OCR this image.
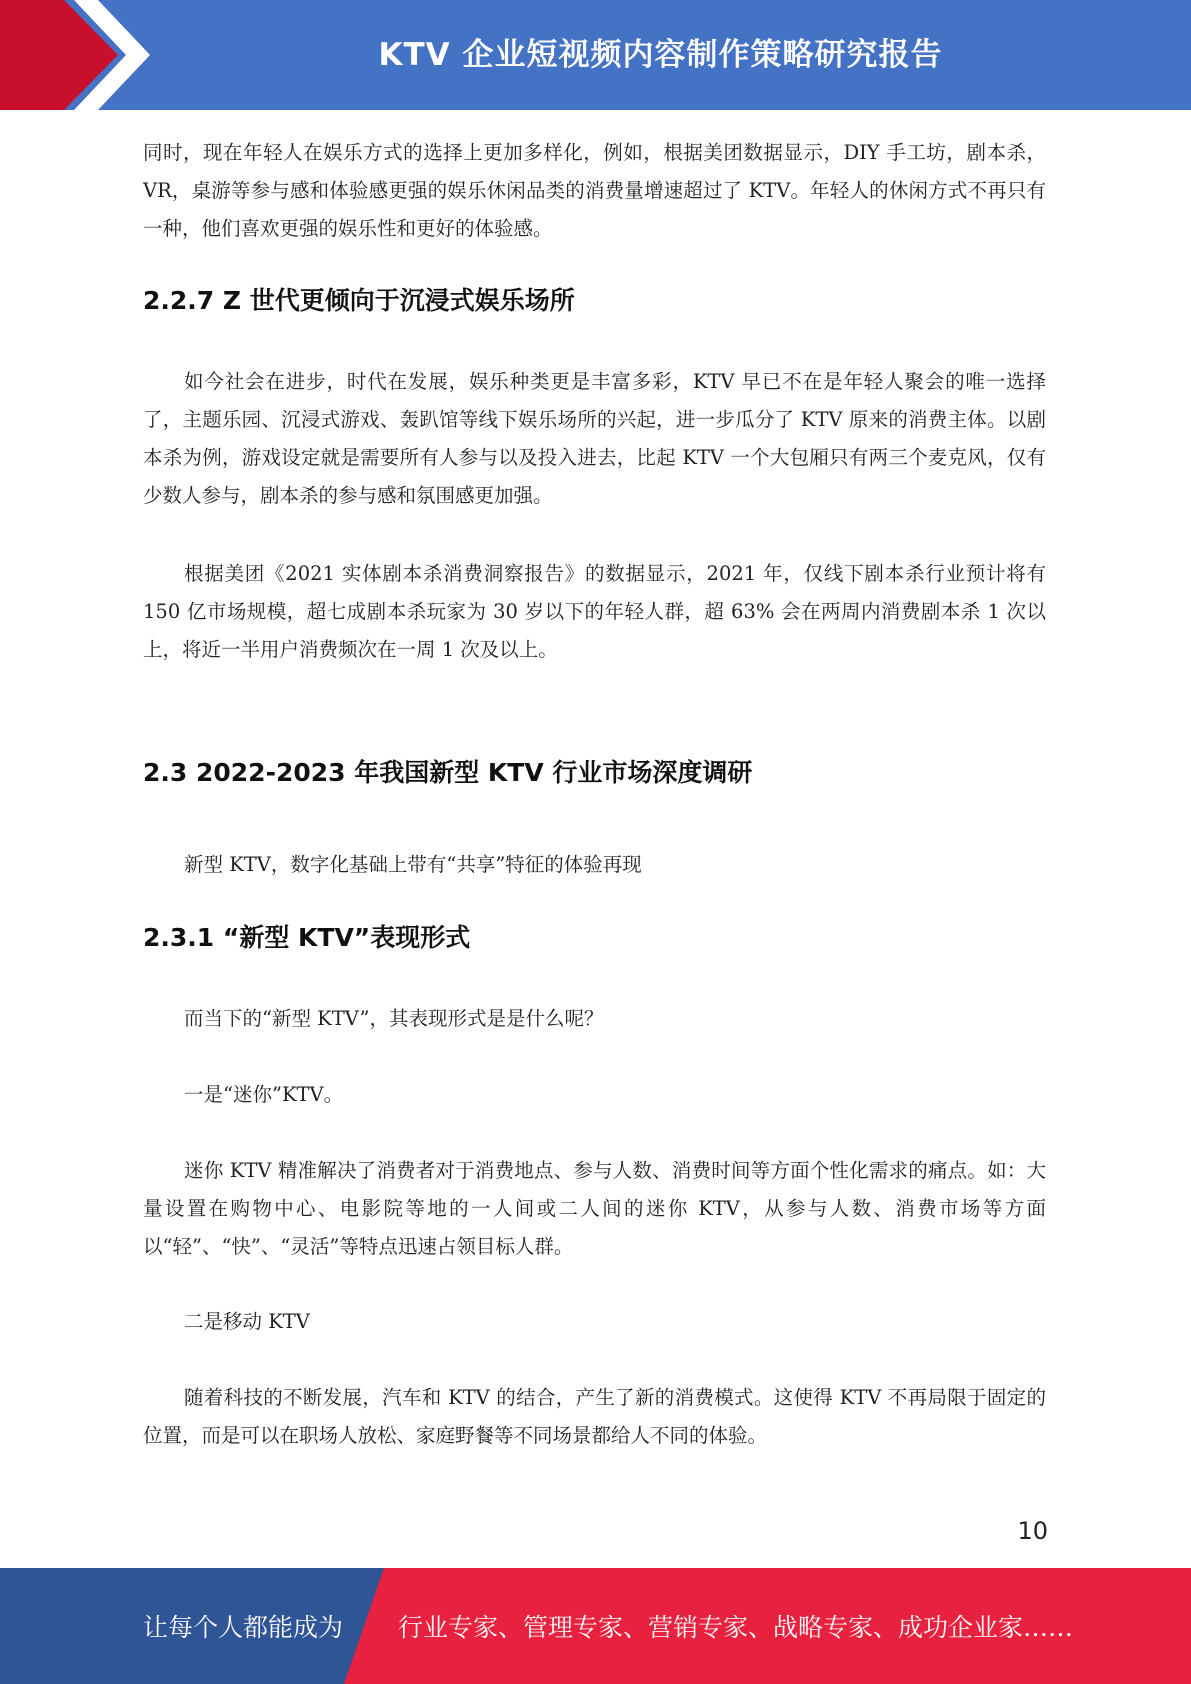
KTV 企业短视频内容制作策略研究报告

同时，现在年轻人在娱乐方式的选择上更加多样化，例如，根据美团数据显示，DIY 手工坊，剧本杀，VR，桌游等参与感和体验感更强的娱乐休闲品类的消费量增速超过了 KTV。年轻人的休闲方式不再只有一种，他们喜欢更强的娱乐性和更好的体验感。

2.2.7 Z 世代更倾向于沉浸式娱乐场所

如今社会在进步，时代在发展，娱乐种类更是丰富多彩，KTV 早已不在是年轻人聚会的唯一选择了，主题乐园、沉浸式游戏、轰趴馆等线下娱乐场所的兴起，进一步瓜分了 KTV 原来的消费主体。以剧本杀为例，游戏设定就是需要所有人参与以及投入进去，比起 KTV 一个大包厢只有两三个麦克风，仅有少数人参与，剧本杀的参与感和氛围感更加强。

根据美团《2021 实体剧本杀消费洞察报告》的数据显示，2021 年，仅线下剧本杀行业预计将有 150 亿市场规模，超七成剧本杀玩家为 30 岁以下的年轻人群，超 63% 会在两周内消费剧本杀 1 次以上，将近一半用户消费频次在一周 1 次及以上。

2.3 2022-2023 年我国新型 KTV 行业市场深度调研

新型 KTV，数字化基础上带有“共享”特征的体验再现

2.3.1 “新型 KTV”表现形式

而当下的“新型 KTV”，其表现形式是是什么呢？

一是“迷你”KTV。

迷你 KTV 精准解决了消费者对于消费地点、参与人数、消费时间等方面个性化需求的痛点。如：大量设置在购物中心、电影院等地的一人间或二人间的迷你 KTV，从参与人数、消费市场等方面以“轻”、“快”、“灵活”等特点迅速占领目标人群。

二是移动 KTV

随着科技的不断发展，汽车和 KTV 的结合，产生了新的消费模式。这使得 KTV 不再局限于固定的位置，而是可以在职场人放松、家庭野餐等不同场景都给人不同的体验。

10
让每个人都能成为 行业专家、管理专家、营销专家、战略专家、成功企业家……
